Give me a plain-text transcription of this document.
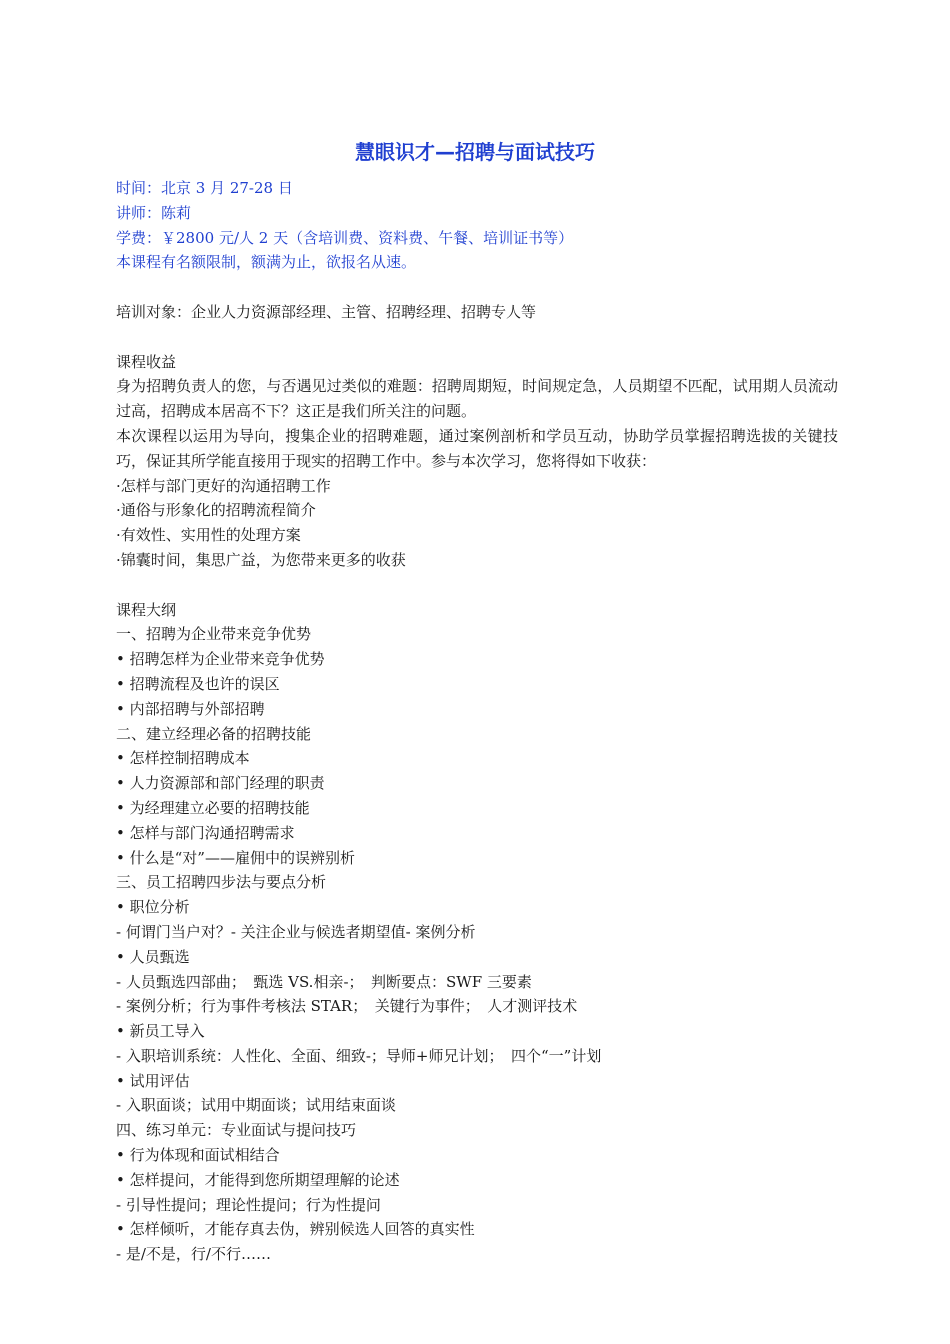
慧眼识才—招聘与面试技巧

时间：北京 3 月 27-28 日

讲师：陈莉

学费：￥2800 元/人 2 天（含培训费、资料费、午餐、培训证书等）

本课程有名额限制，额满为止，欲报名从速。

培训对象：企业人力资源部经理、主管、招聘经理、招聘专人等

课程收益

身为招聘负责人的您，与否遇见过类似的难题：招聘周期短，时间规定急，人员期望不匹配，试用期人员流动过高，招聘成本居高不下？这正是我们所关注的问题。

本次课程以运用为导向，搜集企业的招聘难题，通过案例剖析和学员互动，协助学员掌握招聘选拔的关键技巧，保证其所学能直接用于现实的招聘工作中。参与本次学习，您将得如下收获：

·怎样与部门更好的沟通招聘工作

·通俗与形象化的招聘流程简介

·有效性、实用性的处理方案

·锦囊时间，集思广益，为您带来更多的收获

课程大纲

一、招聘为企业带来竞争优势

• 招聘怎样为企业带来竞争优势

• 招聘流程及也许的误区

• 内部招聘与外部招聘

二、建立经理必备的招聘技能

• 怎样控制招聘成本

• 人力资源部和部门经理的职责

• 为经理建立必要的招聘技能

• 怎样与部门沟通招聘需求

• 什么是“对”——雇佣中的误辨别析

三、员工招聘四步法与要点分析

• 职位分析

- 何谓门当户对？- 关注企业与候选者期望值- 案例分析

• 人员甄选

- 人员甄选四部曲；　甄选 VS.相亲-；　判断要点：SWF 三要素

- 案例分析；行为事件考核法 STAR；　关键行为事件；　人才测评技术

• 新员工导入

- 入职培训系统：人性化、全面、细致-；导师+师兄计划；　四个“一”计划

• 试用评估

- 入职面谈；试用中期面谈；试用结束面谈

四、练习单元：专业面试与提问技巧

• 行为体现和面试相结合

• 怎样提问，才能得到您所期望理解的论述

- 引导性提问；理论性提问；行为性提问

• 怎样倾听，才能存真去伪，辨别候选人回答的真实性

- 是/不是，行/不行……
